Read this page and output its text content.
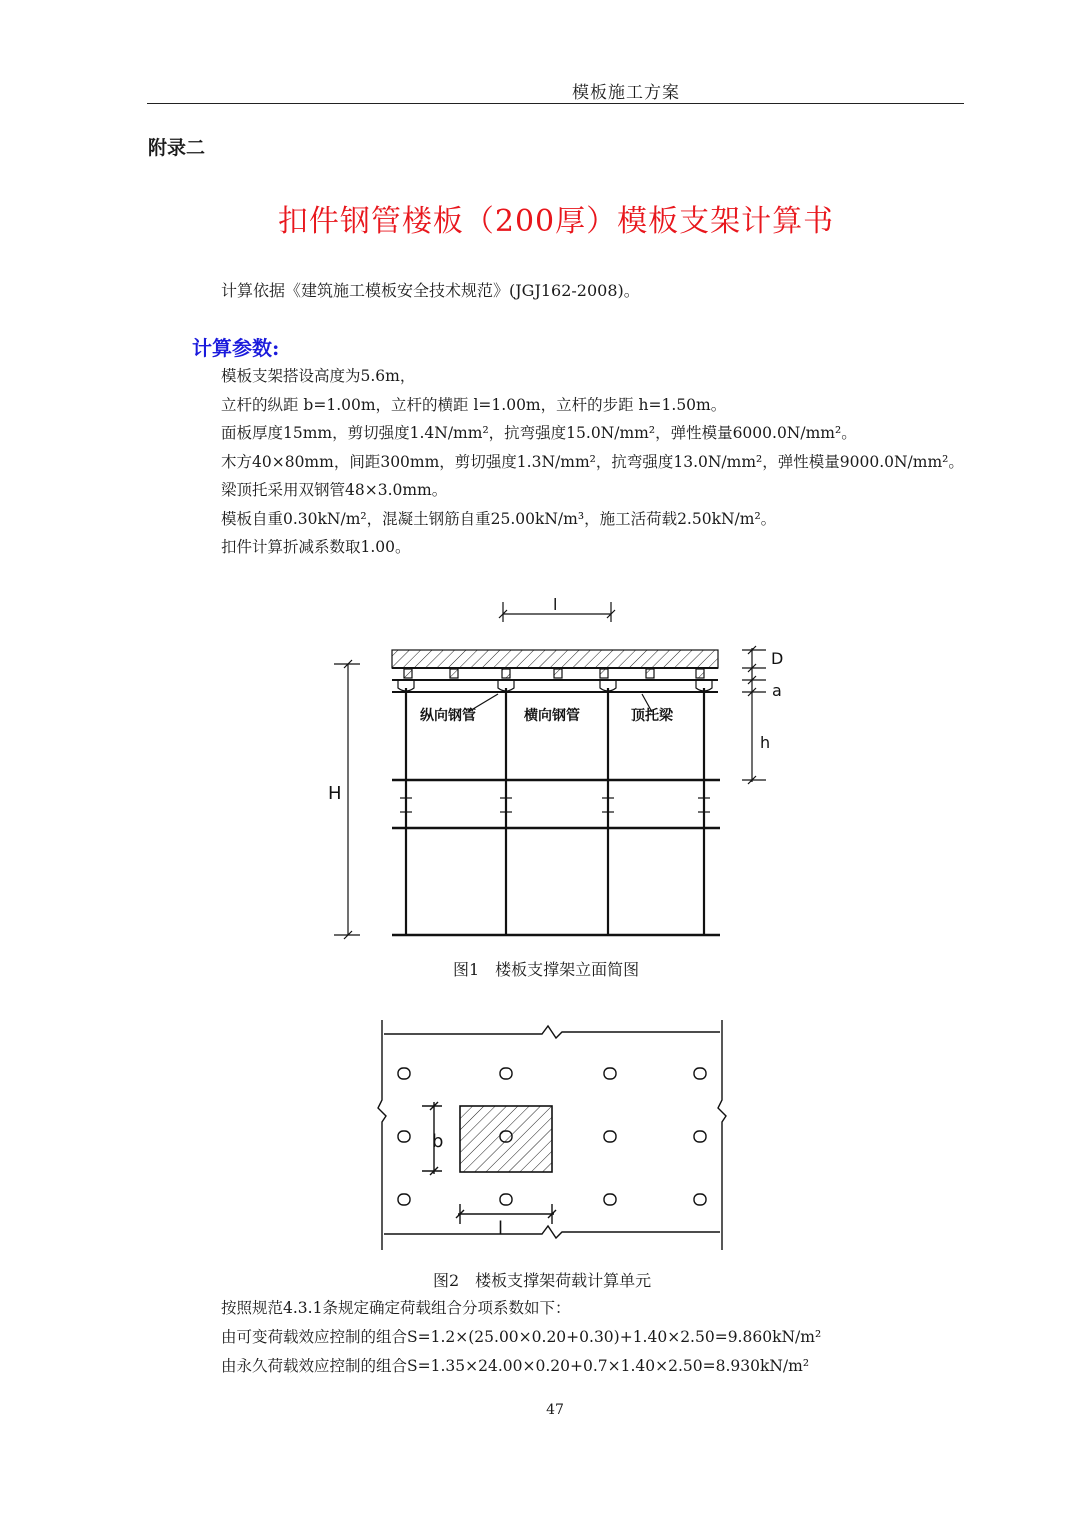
模板施工方案
附录二
扣件钢管楼板（200厚）模板支架计算书
计算依据《建筑施工模板安全技术规范》(JGJ162-2008)。
计算参数:
模板支架搭设高度为5.6m，
立杆的纵距 b=1.00m，立杆的横距 l=1.00m，立杆的步距 h=1.50m。
面板厚度15mm，剪切强度1.4N/mm²，抗弯强度15.0N/mm²，弹性模量6000.0N/mm²。
木方40×80mm，间距300mm，剪切强度1.3N/mm²，抗弯强度13.0N/mm²，弹性模量9000.0N/mm²。
梁顶托采用双钢管48×3.0mm。
模板自重0.30kN/m²，混凝土钢筋自重25.00kN/m³，施工活荷载2.50kN/m²。
扣件计算折减系数取1.00。
l
D
a
h
H
纵向钢管	横向钢管	顶托梁
图1　楼板支撑架立面简图
b
l
图2　楼板支撑架荷载计算单元
按照规范4.3.1条规定确定荷载组合分项系数如下：
由可变荷载效应控制的组合S=1.2×(25.00×0.20+0.30)+1.40×2.50=9.860kN/m²
由永久荷载效应控制的组合S=1.35×24.00×0.20+0.7×1.40×2.50=8.930kN/m²
47
